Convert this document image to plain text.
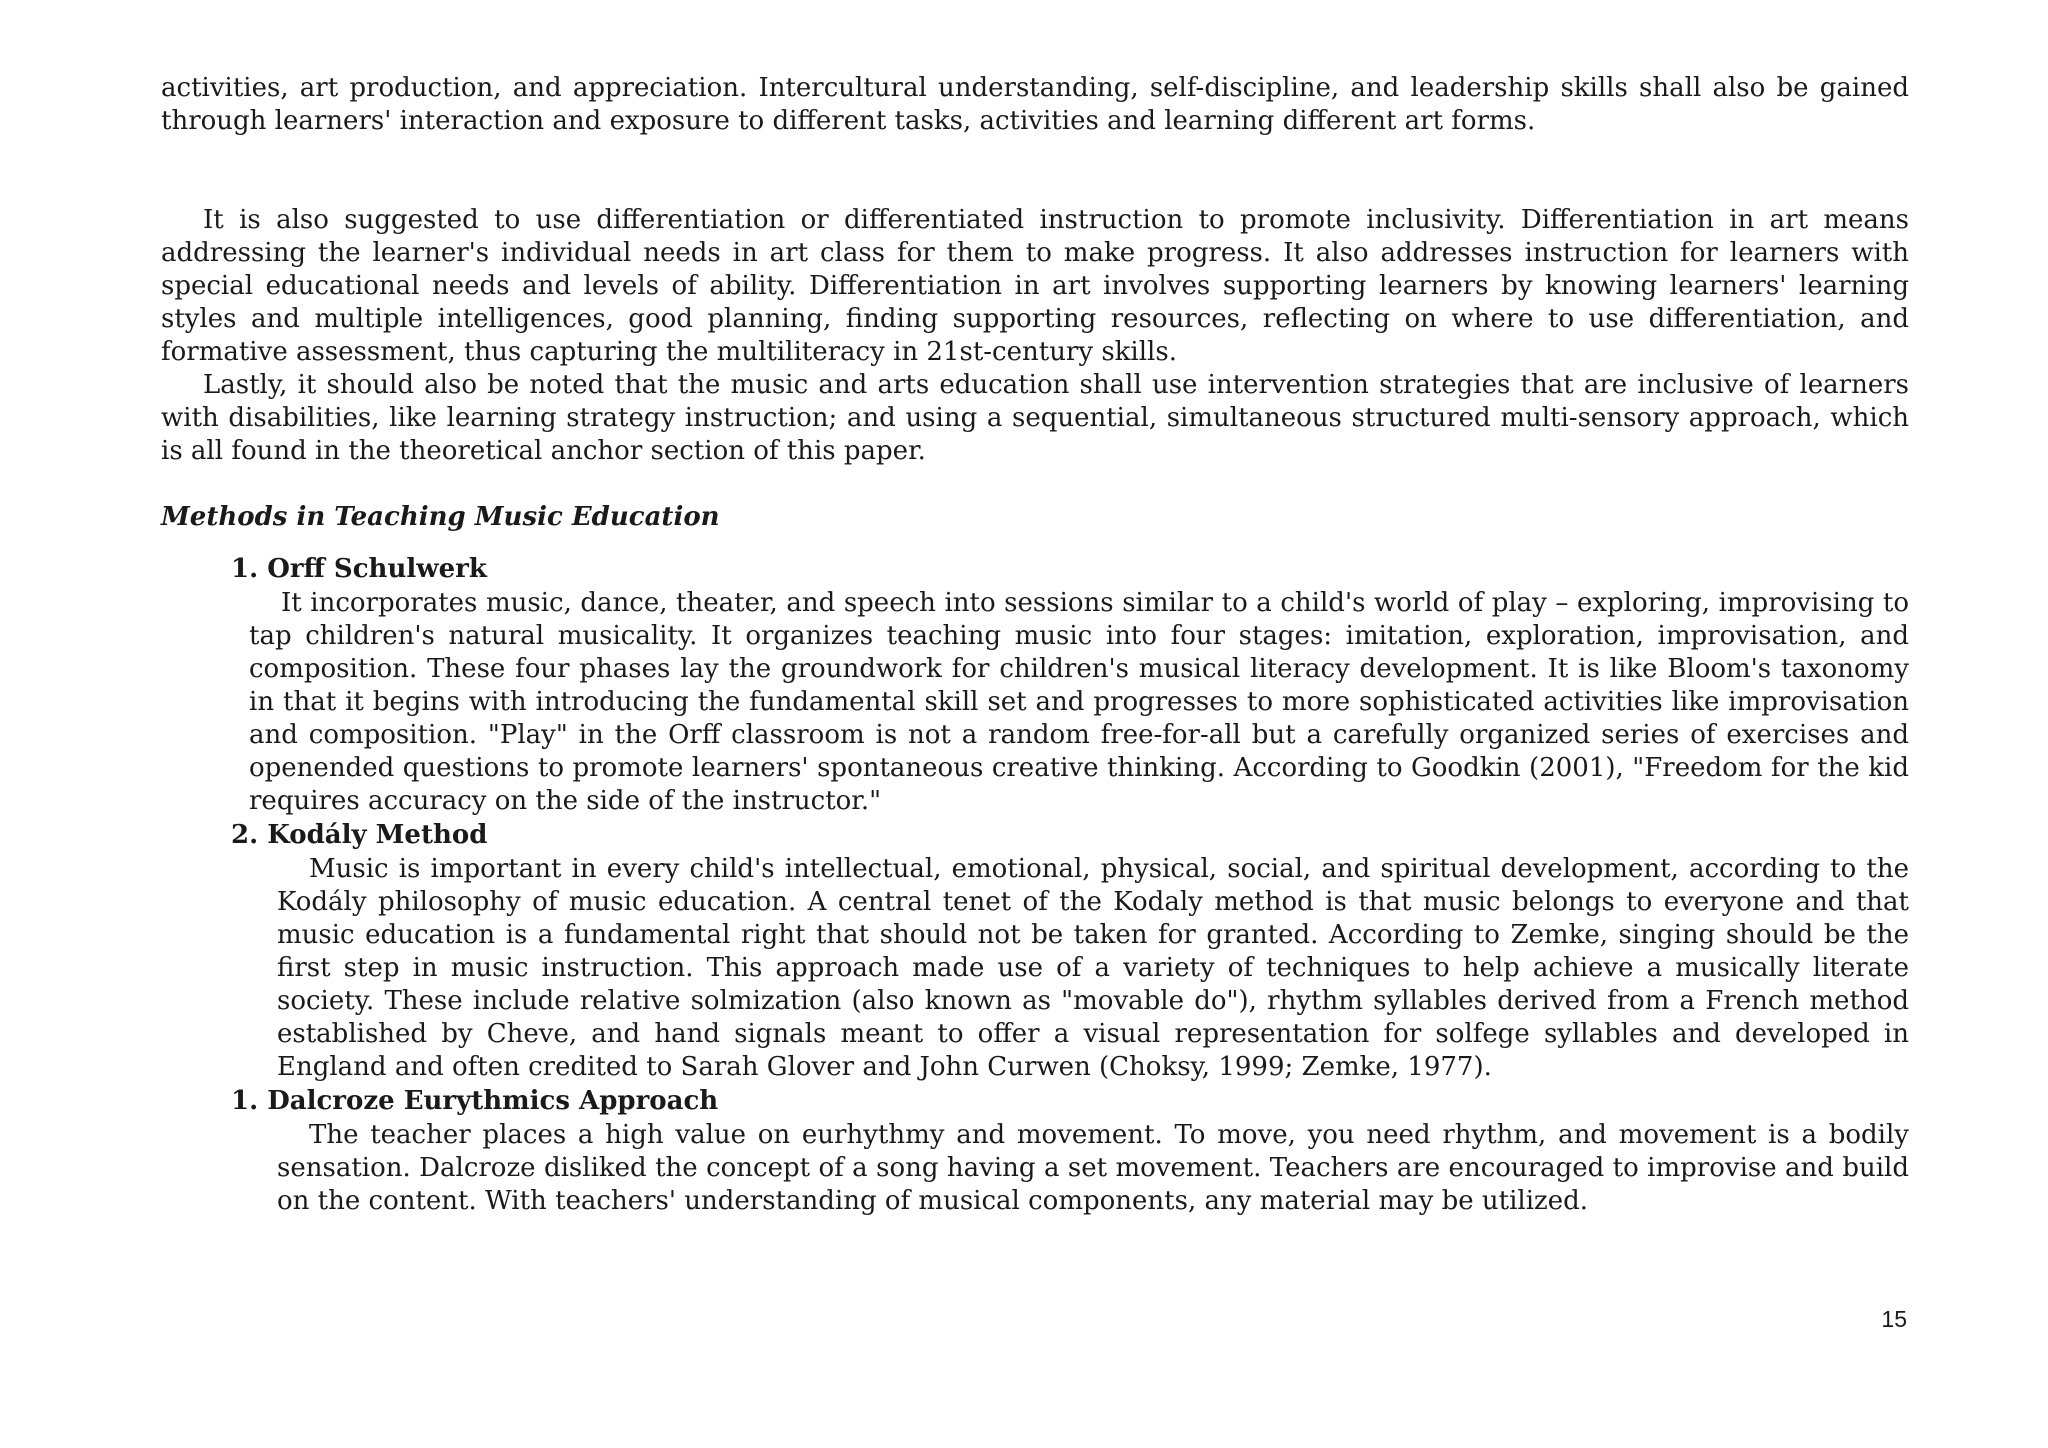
activities, art production, and appreciation. Intercultural understanding, self-discipline, and leadership skills shall also be gained through learners' interaction and exposure to different tasks, activities and learning different art forms.

It is also suggested to use differentiation or differentiated instruction to promote inclusivity. Differentiation in art means addressing the learner's individual needs in art class for them to make progress. It also addresses instruction for learners with special educational needs and levels of ability. Differentiation in art involves supporting learners by knowing learners' learning styles and multiple intelligences, good planning, finding supporting resources, reflecting on where to use differentiation, and formative assessment, thus capturing the multiliteracy in 21st-century skills.

Lastly, it should also be noted that the music and arts education shall use intervention strategies that are inclusive of learners with disabilities, like learning strategy instruction; and using a sequential, simultaneous structured multi-sensory approach, which is all found in the theoretical anchor section of this paper.

Methods in Teaching Music Education
1. Orff Schulwerk
It incorporates music, dance, theater, and speech into sessions similar to a child's world of play – exploring, improvising to tap children's natural musicality. It organizes teaching music into four stages: imitation, exploration, improvisation, and composition. These four phases lay the groundwork for children's musical literacy development. It is like Bloom's taxonomy in that it begins with introducing the fundamental skill set and progresses to more sophisticated activities like improvisation and composition. "Play" in the Orff classroom is not a random free-for-all but a carefully organized series of exercises and openended questions to promote learners' spontaneous creative thinking. According to Goodkin (2001), "Freedom for the kid requires accuracy on the side of the instructor."
2. Kodály Method
Music is important in every child's intellectual, emotional, physical, social, and spiritual development, according to the Kodály philosophy of music education. A central tenet of the Kodaly method is that music belongs to everyone and that music education is a fundamental right that should not be taken for granted. According to Zemke, singing should be the first step in music instruction. This approach made use of a variety of techniques to help achieve a musically literate society. These include relative solmization (also known as "movable do"), rhythm syllables derived from a French method established by Cheve, and hand signals meant to offer a visual representation for solfege syllables and developed in England and often credited to Sarah Glover and John Curwen (Choksy, 1999; Zemke, 1977).
1. Dalcroze Eurythmics Approach
The teacher places a high value on eurhythmy and movement. To move, you need rhythm, and movement is a bodily sensation. Dalcroze disliked the concept of a song having a set movement. Teachers are encouraged to improvise and build on the content. With teachers' understanding of musical components, any material may be utilized.
15
